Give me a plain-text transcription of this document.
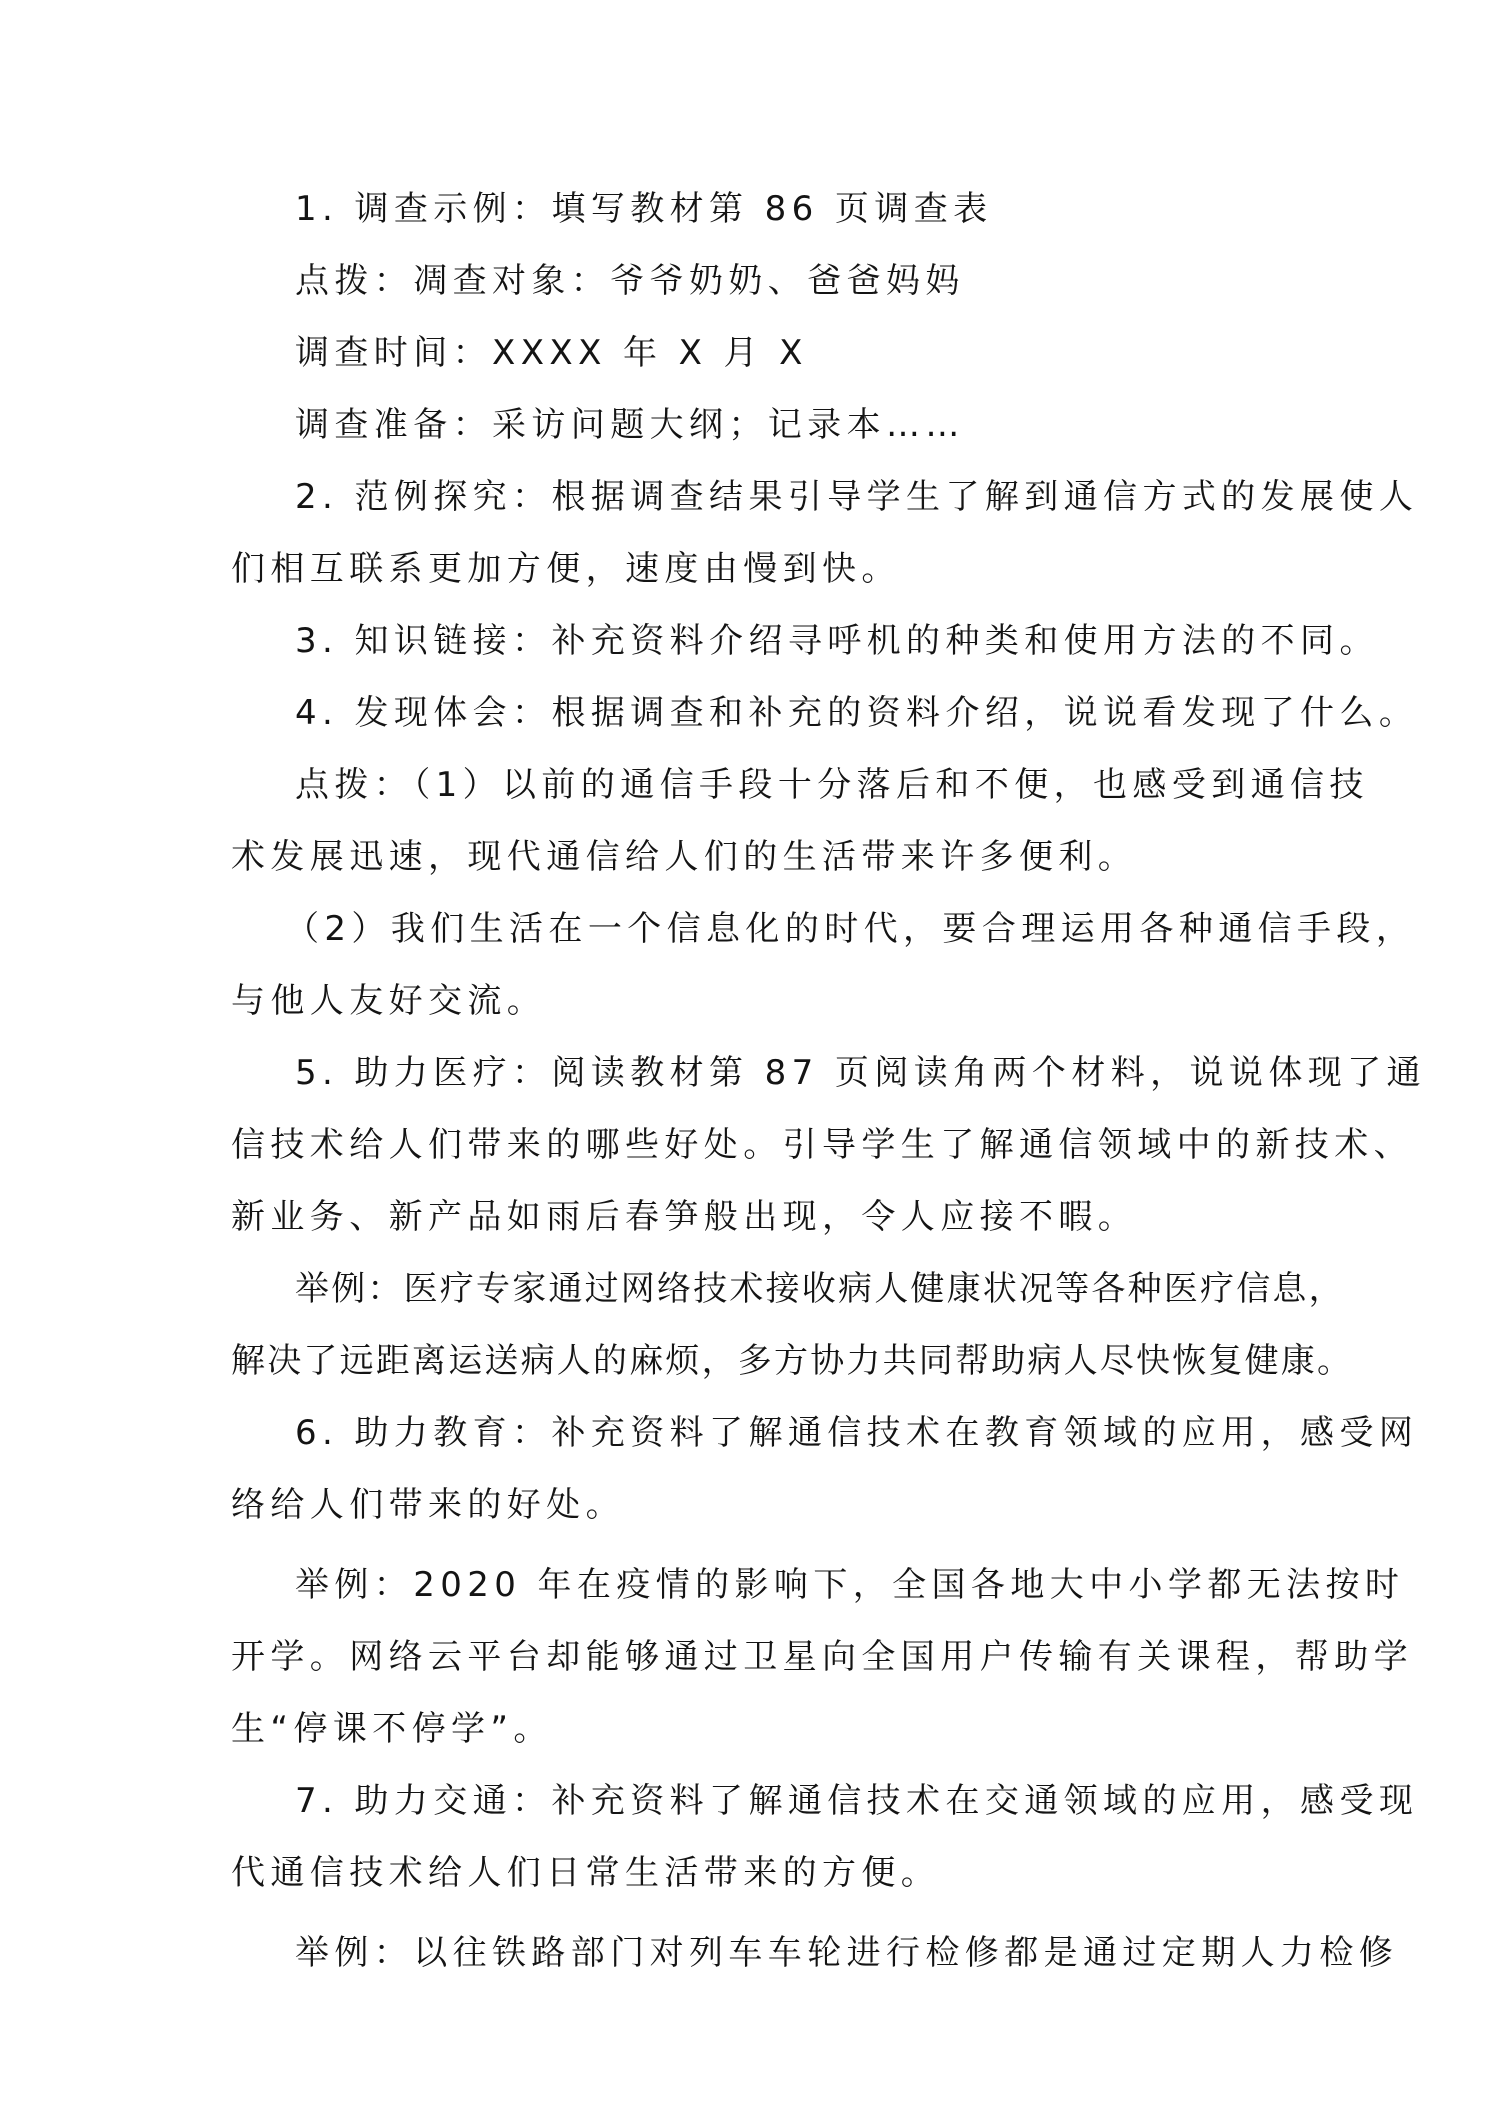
1. 调查示例：填写教材第 86 页调查表
点拨：凋查对象：爷爷奶奶、爸爸妈妈
调查时间：XXXX 年 X 月 X
调查准备：采访问题大纲；记录本……
2. 范例探究：根据调查结果引导学生了解到通信方式的发展使人
们相互联系更加方便，速度由慢到快。
3. 知识链接：补充资料介绍寻呼机的种类和使用方法的不同。
4. 发现体会：根据调查和补充的资料介绍，说说看发现了什么。
点拨：（1）以前的通信手段十分落后和不便，也感受到通信技
术发展迅速，现代通信给人们的生活带来许多便利。
（2）我们生活在一个信息化的时代，要合理运用各种通信手段，
与他人友好交流。
5. 助力医疗：阅读教材第 87 页阅读角两个材料，说说体现了通
信技术给人们带来的哪些好处。引导学生了解通信领域中的新技术、
新业务、新产品如雨后春笋般出现，令人应接不暇。
举例：医疗专家通过网络技术接收病人健康状况等各种医疗信息，
解决了远距离运送病人的麻烦，多方协力共同帮助病人尽快恢复健康。
6. 助力教育：补充资料了解通信技术在教育领域的应用，感受网
络给人们带来的好处。
举例：2020 年在疫情的影响下，全国各地大中小学都无法按时
开学。网络云平台却能够通过卫星向全国用户传输有关课程，帮助学
生“停课不停学”。
7. 助力交通：补充资料了解通信技术在交通领域的应用，感受现
代通信技术给人们日常生活带来的方便。
举例：以往铁路部门对列车车轮进行检修都是通过定期人力检修
